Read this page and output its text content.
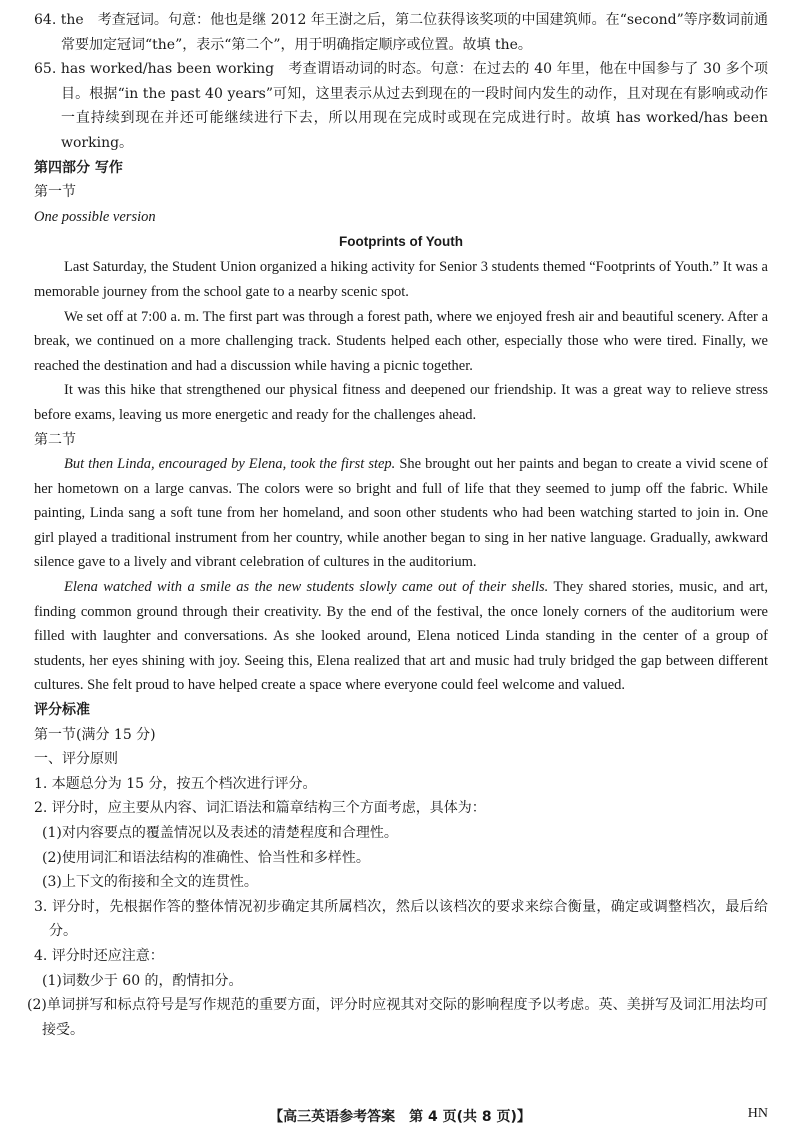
64. the　考查冠词。句意：他也是继 2012 年王澍之后，第二位获得该奖项的中国建筑师。在“second”等序数词前通常要加定冠词“the”，表示“第二个”，用于明确指定顺序或位置。故填 the。

65. has worked/has been working　考查谓语动词的时态。句意：在过去的 40 年里，他在中国参与了 30 多个项目。根据“in the past 40 years”可知，这里表示从过去到现在的一段时间内发生的动作，且对现在有影响或动作一直持续到现在并还可能继续进行下去，所以用现在完成时或现在完成进行时。故填 has worked/has been working。

第四部分 写作

第一节

One possible version

Footprints of Youth

Last Saturday, the Student Union organized a hiking activity for Senior 3 students themed “Footprints of Youth.” It was a memorable journey from the school gate to a nearby scenic spot.

We set off at 7:00 a. m. The first part was through a forest path, where we enjoyed fresh air and beautiful scenery. After a break, we continued on a more challenging track. Students helped each other, especially those who were tired. Finally, we reached the destination and had a discussion while having a picnic together.

It was this hike that strengthened our physical fitness and deepened our friendship. It was a great way to relieve stress before exams, leaving us more energetic and ready for the challenges ahead.

第二节

But then Linda, encouraged by Elena, took the first step. She brought out her paints and began to create a vivid scene of her hometown on a large canvas. The colors were so bright and full of life that they seemed to jump off the fabric. While painting, Linda sang a soft tune from her homeland, and soon other students who had been watching started to join in. One girl played a traditional instrument from her country, while another began to sing in her native language. Gradually, awkward silence gave to a lively and vibrant celebration of cultures in the auditorium.

Elena watched with a smile as the new students slowly came out of their shells. They shared stories, music, and art, finding common ground through their creativity. By the end of the festival, the once lonely corners of the auditorium were filled with laughter and conversations. As she looked around, Elena noticed Linda standing in the center of a group of students, her eyes shining with joy. Seeing this, Elena realized that art and music had truly bridged the gap between different cultures. She felt proud to have helped create a space where everyone could feel welcome and valued.

评分标准

第一节(满分 15 分)

一、评分原则

1. 本题总分为 15 分，按五个档次进行评分。

2. 评分时，应主要从内容、词汇语法和篇章结构三个方面考虑，具体为：

(1)对内容要点的覆盖情况以及表述的清楚程度和合理性。

(2)使用词汇和语法结构的准确性、恰当性和多样性。

(3)上下文的衔接和全文的连贯性。

3. 评分时，先根据作答的整体情况初步确定其所属档次，然后以该档次的要求来综合衡量，确定或调整档次，最后给分。

4. 评分时还应注意：

(1)词数少于 60 的，酌情扣分。

(2)单词拼写和标点符号是写作规范的重要方面，评分时应视其对交际的影响程度予以考虑。英、美拼写及词汇用法均可接受。

【高三英语参考答案　第 4 页(共 8 页)】	HN
